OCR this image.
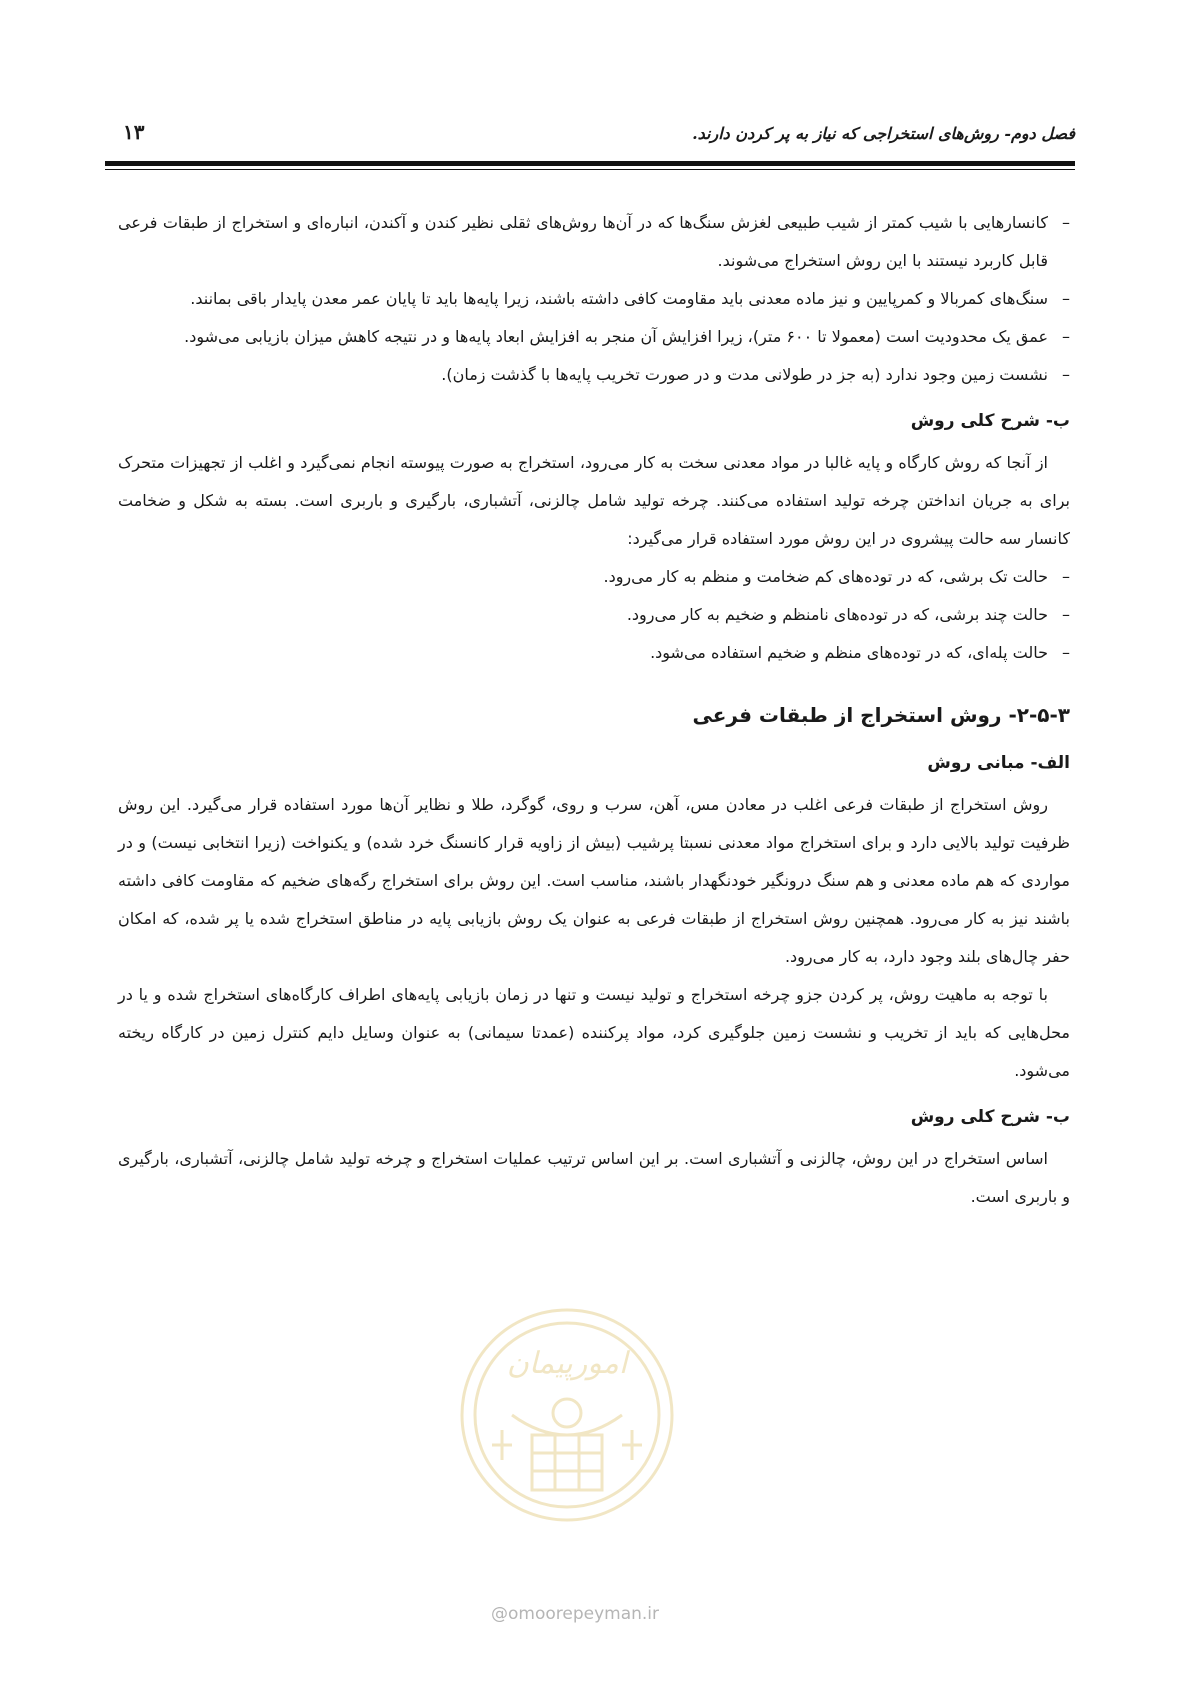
فصل دوم- روش‌های استخراجی که نیاز به پر کردن دارند.
۱۳
–
کانسارهایی با شیب کمتر از شیب طبیعی لغزش سنگ‌ها که در آن‌ها روش‌های ثقلی نظیر کندن و آکندن، انباره‌ای و استخراج از طبقات فرعی قابل کاربرد نیستند با این روش استخراج می‌شوند.
–
سنگ‌های کمربالا و کمرپایین و نیز ماده معدنی باید مقاومت کافی داشته باشند، زیرا پایه‌ها باید تا پایان عمر معدن پایدار باقی بمانند.
–
عمق یک محدودیت است (معمولا تا ۶۰۰ متر)، زیرا افزایش آن منجر به افزایش ابعاد پایه‌ها و در نتیجه کاهش میزان بازیابی می‌شود.
–
نشست زمین وجود ندارد (به جز در طولانی مدت و در صورت تخریب پایه‌ها با گذشت زمان).
ب- شرح کلی روش

از آنجا که روش کارگاه و پایه غالبا در مواد معدنی سخت به کار می‌رود، استخراج به صورت پیوسته انجام نمی‌گیرد و اغلب از تجهیزات متحرک برای به جریان انداختن چرخه تولید استفاده می‌کنند. چرخه تولید شامل چالزنی، آتشباری، بارگیری و باربری است. بسته به شکل و ضخامت کانسار سه حالت پیشروی در این روش مورد استفاده قرار می‌گیرد:

–
حالت تک برشی، که در توده‌های کم ضخامت و منظم به کار می‌رود.
–
حالت چند برشی، که در توده‌های نامنظم و ضخیم به کار می‌رود.
–
حالت پله‌ای، که در توده‌های منظم و ضخیم استفاده می‌شود.
۲-۵-۳- روش استخراج از طبقات فرعی
الف- مبانی روش

روش استخراج از طبقات فرعی اغلب در معادن مس، آهن، سرب و روی، گوگرد، طلا و نظایر آن‌ها مورد استفاده قرار می‌گیرد. این روش ظرفیت تولید بالایی دارد و برای استخراج مواد معدنی نسبتا پرشیب (بیش از زاویه قرار کانسنگ خرد شده) و یکنواخت (زیرا انتخابی نیست) و در مواردی که هم ماده معدنی و هم سنگ درونگیر خودنگهدار باشند، مناسب است. این روش برای استخراج رگه‌های ضخیم که مقاومت کافی داشته باشند نیز به کار می‌رود. همچنین روش استخراج از طبقات فرعی به عنوان یک روش بازیابی پایه در مناطق استخراج شده یا پر شده، که امکان حفر چال‌های بلند وجود دارد، به کار می‌رود.

با توجه به ماهیت روش، پر کردن جزو چرخه استخراج و تولید نیست و تنها در زمان بازیابی پایه‌های اطراف کارگاه‌های استخراج شده و یا در محل‌هایی که باید از تخریب و نشست زمین جلوگیری کرد، مواد پرکننده (عمدتا سیمانی) به عنوان وسایل دایم کنترل زمین در کارگاه ریخته می‌شود.

ب- شرح کلی روش

اساس استخراج در این روش، چالزنی و آتشباری است. بر این اساس ترتیب عملیات استخراج و چرخه تولید شامل چالزنی، آتشباری، بارگیری و باربری است.

امورپیمان
@omoorepeyman.ir
